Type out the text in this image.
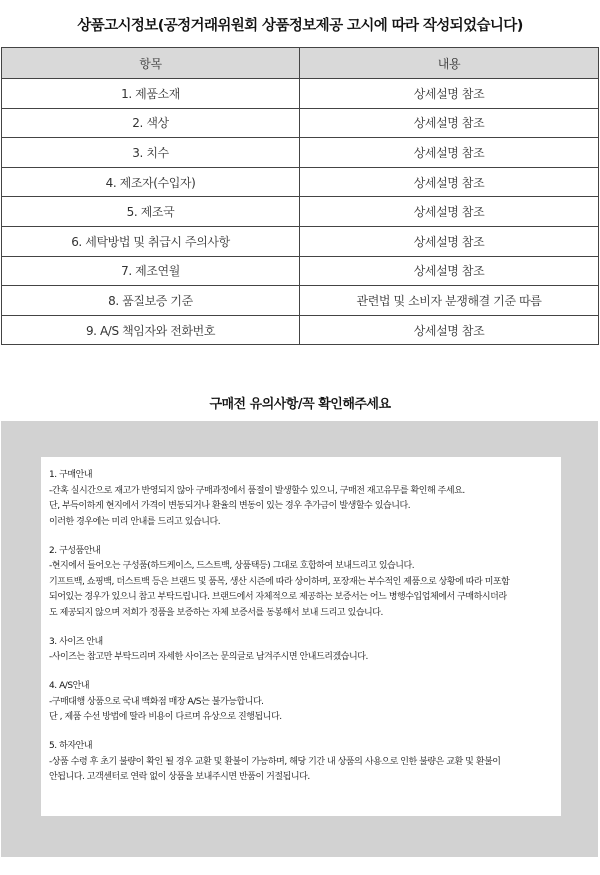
상품고시정보(공정거래위원회 상품정보제공 고시에 따라 작성되었습니다)
항목	내용
1. 제품소재	상세설명 참조
2. 색상	상세설명 참조
3. 치수	상세설명 참조
4. 제조자(수입자)	상세설명 참조
5. 제조국	상세설명 참조
6. 세탁방법 및 취급시 주의사항	상세설명 참조
7. 제조연월	상세설명 참조
8. 품질보증 기준	관련법 및 소비자 분쟁해결 기준 따름
9. A/S 책임자와 전화번호	상세설명 참조
구매전 유의사항/꼭 확인해주세요
1. 구매안내
-간혹 실시간으로 재고가 반영되지 않아 구매과정에서 품절이 발생할수 있으니, 구매전 재고유무를 확인해 주세요.
단, 부득이하게 현지에서 가격이 변동되거나 환율의 변동이 있는 경우 추가금이 발생할수 있습니다.
이러한 경우에는 미리 안내를 드리고 있습니다.
2. 구성품안내
-현지에서 들어오는 구성품(하드케이스, 드스트백, 상품택등) 그대로 호합하여 보내드리고 있습니다.
기프트백, 쇼핑백, 더스트백 등은 브랜드 및 품목, 생산 시즌에 따라 상이하며, 포장재는 부수적인 제품으로 상황에 따라 미포함
되어있는 경우가 있으니 참고 부탁드립니다. 브랜드에서 자체적으로 제공하는 보증서는 어느 병행수입업체에서 구매하시더라
도 제공되지 않으며 저희가 정품을 보증하는 자체 보증서를 동봉해서 보내 드리고 있습니다.
3. 사이즈 안내
-사이즈는 참고만 부탁드리며 자세한 사이즈는 문의글로 남겨주시면 안내드리겠습니다.
4. A/S안내
-구매대행 상품으로 국내 백화점 매장 A/S는 불가능합니다.
단 , 제품 수선 방법에 딸라 비용이 다르며 유상으로 진행됩니다.
5. 하자안내
-상품 수령 후 초기 불량이 확인 될 경우 교환 및 환불이 가능하며, 해당 기간 내 상품의 사용으로 인한 불량은 교환 및 환불이
안됩니다. 고객센터로 연락 없이 상품을 보내주시면 반품이 거절됩니다.
